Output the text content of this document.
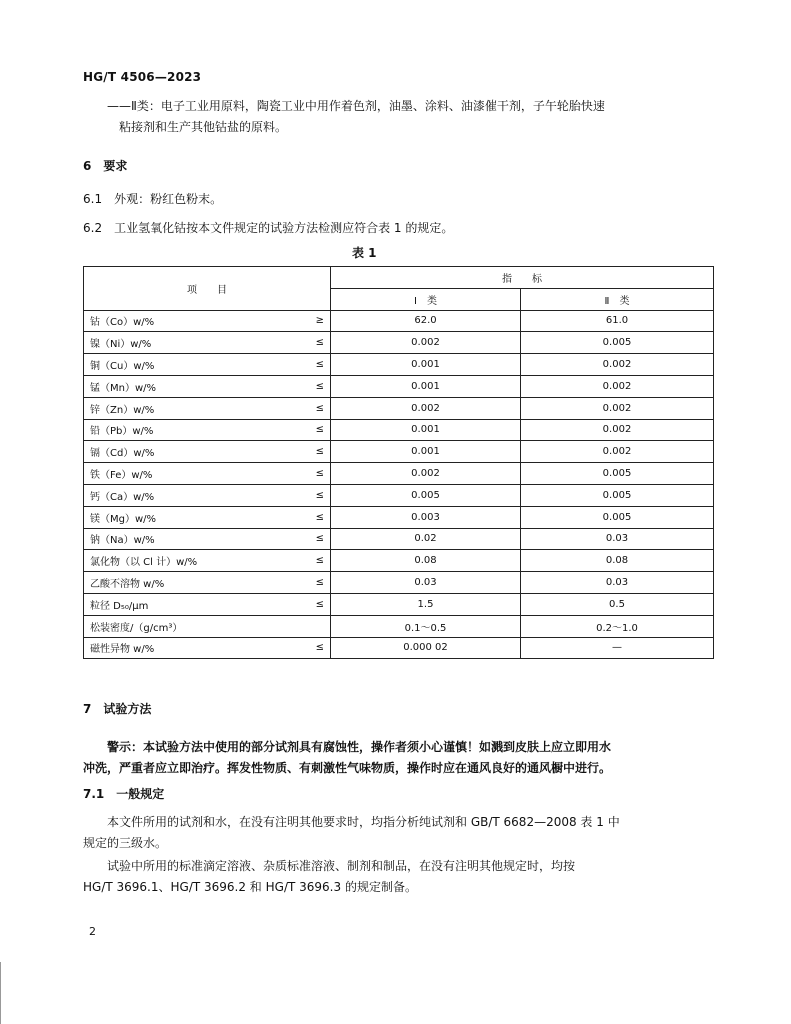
HG/T 4506—2023
——Ⅱ类：电子工业用原料，陶瓷工业中用作着色剂，油墨、涂料、油漆催干剂，子午轮胎快速
粘接剂和生产其他钴盐的原料。
6　要求
6.1　外观：粉红色粉末。
6.2　工业氢氧化钴按本文件规定的试验方法检测应符合表 1 的规定。
表 1
项　　目		指　　标	
		Ⅰ　类	Ⅱ　类
钴（Co）w/%	≥	62.0	61.0
镍（Ni）w/%	≤	0.002	0.005
铜（Cu）w/%	≤	0.001	0.002
锰（Mn）w/%	≤	0.001	0.002
锌（Zn）w/%	≤	0.002	0.002
铅（Pb）w/%	≤	0.001	0.002
镉（Cd）w/%	≤	0.001	0.002
铁（Fe）w/%	≤	0.002	0.005
钙（Ca）w/%	≤	0.005	0.005
镁（Mg）w/%	≤	0.003	0.005
钠（Na）w/%	≤	0.02	0.03
氯化物（以 Cl 计）w/%	≤	0.08	0.08
乙酸不溶物 w/%	≤	0.03	0.03
粒径 D₅₀/μm	≤	1.5	0.5
松装密度/（g/cm³）		0.1～0.5	0.2～1.0
磁性异物 w/%	≤	0.000 02	—
7　试验方法
警示：本试验方法中使用的部分试剂具有腐蚀性，操作者须小心谨慎！如溅到皮肤上应立即用水
冲洗，严重者应立即治疗。挥发性物质、有刺激性气味物质，操作时应在通风良好的通风橱中进行。
7.1　一般规定
本文件所用的试剂和水，在没有注明其他要求时，均指分析纯试剂和 GB/T 6682—2008 表 1 中
规定的三级水。
试验中所用的标准滴定溶液、杂质标准溶液、制剂和制品，在没有注明其他规定时，均按
HG/T 3696.1、HG/T 3696.2 和 HG/T 3696.3 的规定制备。
2
